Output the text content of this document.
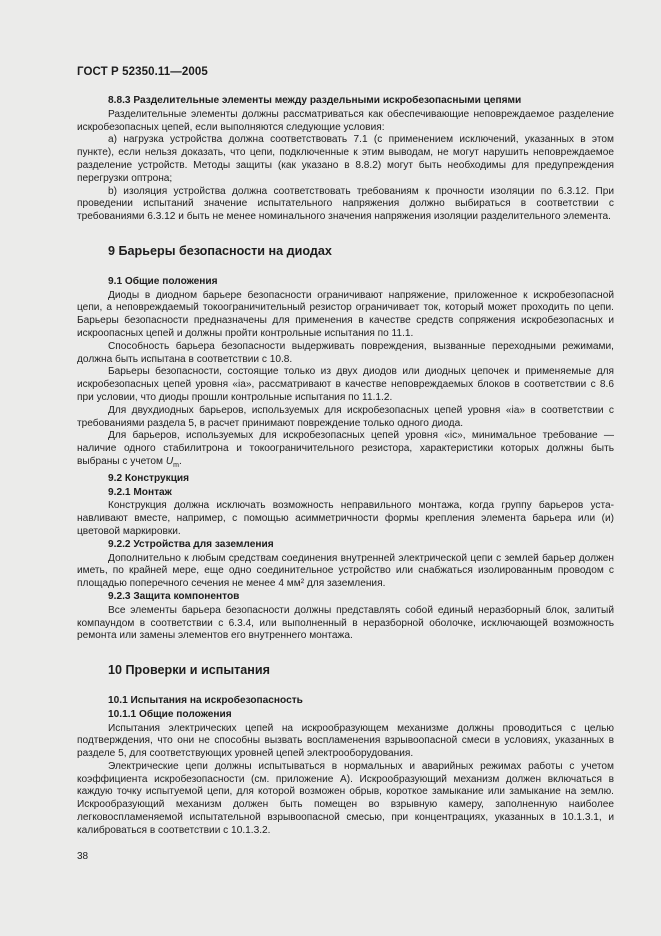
ГОСТ Р 52350.11—2005
8.8.3 Разделительные элементы между раздельными искробезопасными цепями

Разделительные элементы должны рассматриваться как обеспечивающие неповреждаемое разделение искробезопасных цепей, если выполняются следующие условия:

а) нагрузка устройства должна соответствовать 7.1 (с применением исключений, указанных в этом пункте), если нельзя доказать, что цепи, подключенные к этим выводам, не могут нарушить неповреждаемое разделение устройств. Методы защиты (как указано в 8.8.2) могут быть необходимы для предупреждения перегрузки оптрона;

b) изоляция устройства должна соответствовать требованиям к прочности изоляции по 6.3.12. При проведении испытаний значение испытательного напряжения должно выбираться в соответствии с требованиями 6.3.12 и быть не менее номинального значения напряжения изоляции разделительного элемента.

9 Барьеры безопасности на диодах
9.1 Общие положения

Диоды в диодном барьере безопасности ограничивают напряжение, приложенное к искробезопасной цепи, а неповреждаемый токоограничительный резистор ограничивает ток, который может проходить по цепи. Барьеры безопасности предназначены для применения в качестве средств сопряжения искробезопасных и искроопасных цепей и должны пройти контрольные испытания по 11.1.

Способность барьера безопасности выдерживать повреждения, вызванные переходными режимами, должна быть испытана в соответствии с 10.8.

Барьеры безопасности, состоящие только из двух диодов или диодных цепочек и применяемые для искробезопасных цепей уровня «ia», рассматривают в качестве неповреждаемых блоков в соответствии с 8.6 при условии, что диоды прошли контрольные испытания по 11.1.2.

Для двухдиодных барьеров, используемых для искробезопасных цепей уровня «ia» в соответствии с требованиями раздела 5, в расчет принимают повреждение только одного диода.

Для барьеров, используемых для искробезопасных цепей уровня «ic», минимальное требование — наличие одного стабилитрона и токоограничительного резистора, характеристики которых должны быть выбраны с учетом $U_m$.

9.2 Конструкция
9.2.1 Монтаж

Конструкция должна исключать возможность неправильного монтажа, когда группу барьеров устанавливают вместе, например, с помощью асимметричности формы крепления элемента барьера или (и) цветовой маркировки.

9.2.2 Устройства для заземления

Дополнительно к любым средствам соединения внутренней электрической цепи с землей барьер должен иметь, по крайней мере, еще одно соединительное устройство или снабжаться изолированным проводом с площадью поперечного сечения не менее 4 мм² для заземления.

9.2.3 Защита компонентов

Все элементы барьера безопасности должны представлять собой единый неразборный блок, залитый компаундом в соответствии с 6.3.4, или выполненный в неразборной оболочке, исключающей возможность ремонта или замены элементов его внутреннего монтажа.

10 Проверки и испытания
10.1 Испытания на искробезопасность
10.1.1 Общие положения

Испытания электрических цепей на искрообразующем механизме должны проводиться с целью подтверждения, что они не способны вызвать воспламенения взрывоопасной смеси в условиях, указанных в разделе 5, для соответствующих уровней цепей электрооборудования.

Электрические цепи должны испытываться в нормальных и аварийных режимах работы с учетом коэффициента искробезопасности (см. приложение А). Искрообразующий механизм должен включаться в каждую точку испытуемой цепи, для которой возможен обрыв, короткое замыкание или замыкание на землю. Искрообразующий механизм должен быть помещен во взрывную камеру, заполненную наиболее легковоспламеняемой испытательной взрывоопасной смесью, при концентрациях, указанных в 10.1.3.1, и калиброваться в соответствии с 10.1.3.2.

38
